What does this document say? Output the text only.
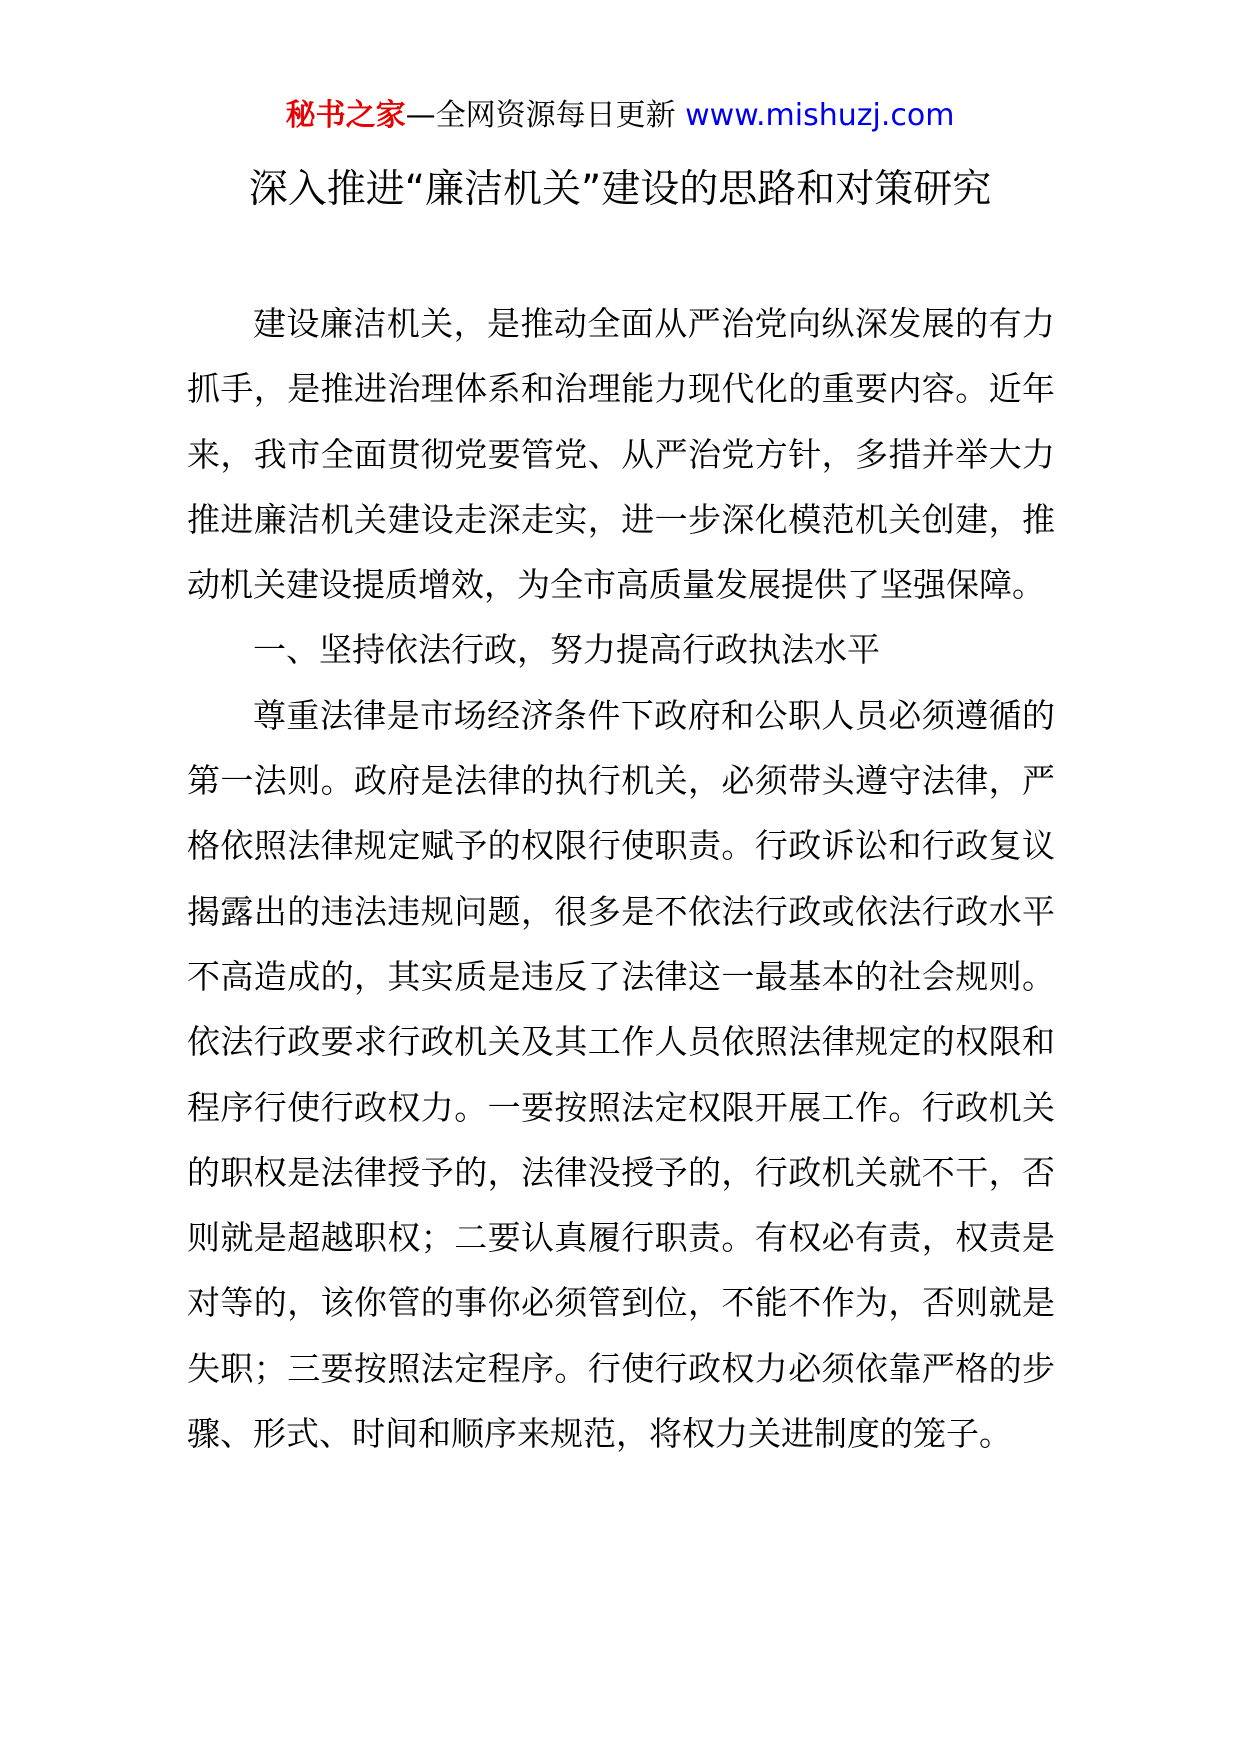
秘书之家—全网资源每日更新 www.mishuzj.com
深入推进“廉洁机关”建设的思路和对策研究

建设廉洁机关，是推动全面从严治党向纵深发展的有力抓手，是推进治理体系和治理能力现代化的重要内容。近年来，我市全面贯彻党要管党、从严治党方针，多措并举大力推进廉洁机关建设走深走实，进一步深化模范机关创建，推动机关建设提质增效，为全市高质量发展提供了坚强保障。

一、坚持依法行政，努力提高行政执法水平

尊重法律是市场经济条件下政府和公职人员必须遵循的第一法则。政府是法律的执行机关，必须带头遵守法律，严格依照法律规定赋予的权限行使职责。行政诉讼和行政复议揭露出的违法违规问题，很多是不依法行政或依法行政水平不高造成的，其实质是违反了法律这一最基本的社会规则。依法行政要求行政机关及其工作人员依照法律规定的权限和程序行使行政权力。一要按照法定权限开展工作。行政机关的职权是法律授予的，法律没授予的，行政机关就不干，否则就是超越职权；二要认真履行职责。有权必有责，权责是对等的，该你管的事你必须管到位，不能不作为，否则就是失职；三要按照法定程序。行使行政权力必须依靠严格的步骤、形式、时间和顺序来规范，将权力关进制度的笼子。
